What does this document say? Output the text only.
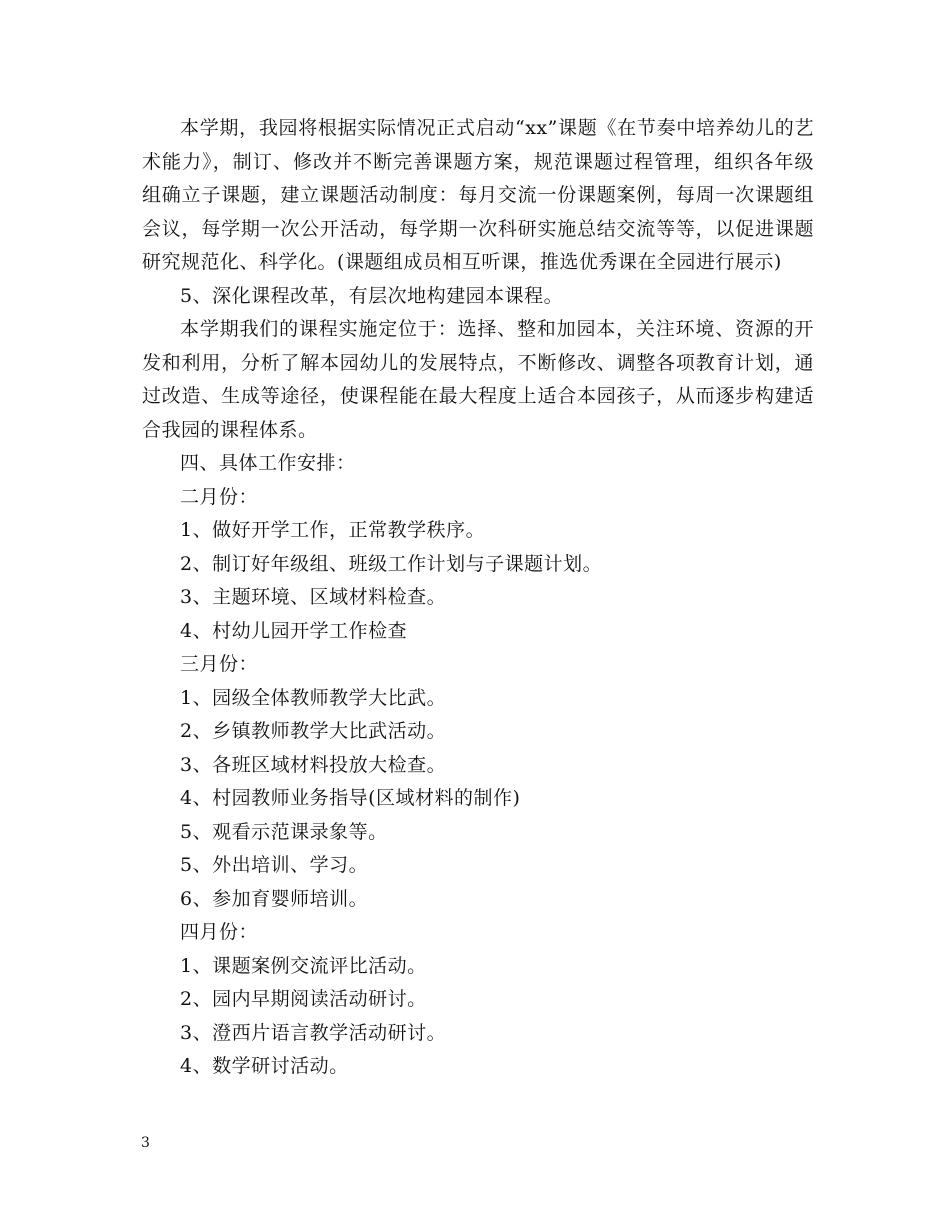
本学期，我园将根据实际情况正式启动“xx”课题《在节奏中培养幼儿的艺术能力》，制订、修改并不断完善课题方案，规范课题过程管理，组织各年级组确立子课题，建立课题活动制度：每月交流一份课题案例，每周一次课题组会议，每学期一次公开活动，每学期一次科研实施总结交流等等，以促进课题研究规范化、科学化。(课题组成员相互听课，推选优秀课在全园进行展示)

5、深化课程改革，有层次地构建园本课程。

本学期我们的课程实施定位于：选择、整和加园本，关注环境、资源的开发和利用，分析了解本园幼儿的发展特点，不断修改、调整各项教育计划，通过改造、生成等途径，使课程能在最大程度上适合本园孩子，从而逐步构建适合我园的课程体系。

四、具体工作安排：

二月份：

1、做好开学工作，正常教学秩序。

2、制订好年级组、班级工作计划与子课题计划。

3、主题环境、区域材料检查。

4、村幼儿园开学工作检查

三月份：

1、园级全体教师教学大比武。

2、乡镇教师教学大比武活动。

3、各班区域材料投放大检查。

4、村园教师业务指导(区域材料的制作)

5、观看示范课录象等。

5、外出培训、学习。

6、参加育婴师培训。

四月份：

1、课题案例交流评比活动。

2、园内早期阅读活动研讨。

3、澄西片语言教学活动研讨。

4、数学研讨活动。

3
